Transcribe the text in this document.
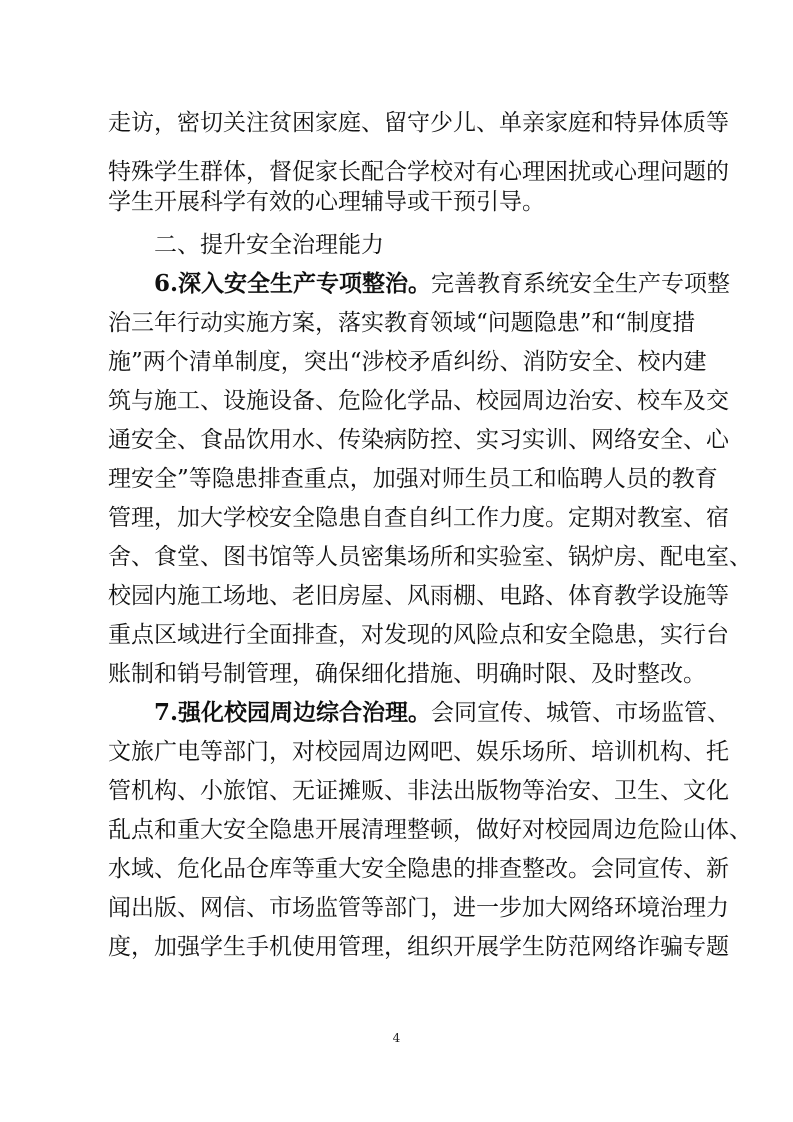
走访，密切关注贫困家庭、留守少儿、单亲家庭和特异体质等
特殊学生群体，督促家长配合学校对有心理困扰或心理问题的
学生开展科学有效的心理辅导或干预引导。
二、提升安全治理能力
6.深入安全生产专项整治。完善教育系统安全生产专项整
治三年行动实施方案，落实教育领域“问题隐患”和“制度措
施”两个清单制度，突出“涉校矛盾纠纷、消防安全、校内建
筑与施工、设施设备、危险化学品、校园周边治安、校车及交
通安全、食品饮用水、传染病防控、实习实训、网络安全、心
理安全”等隐患排查重点，加强对师生员工和临聘人员的教育
管理，加大学校安全隐患自查自纠工作力度。定期对教室、宿
舍、食堂、图书馆等人员密集场所和实验室、锅炉房、配电室、
校园内施工场地、老旧房屋、风雨棚、电路、体育教学设施等
重点区域进行全面排查，对发现的风险点和安全隐患，实行台
账制和销号制管理，确保细化措施、明确时限、及时整改。
7.强化校园周边综合治理。会同宣传、城管、市场监管、
文旅广电等部门，对校园周边网吧、娱乐场所、培训机构、托
管机构、小旅馆、无证摊贩、非法出版物等治安、卫生、文化
乱点和重大安全隐患开展清理整顿，做好对校园周边危险山体、
水域、危化品仓库等重大安全隐患的排查整改。会同宣传、新
闻出版、网信、市场监管等部门，进一步加大网络环境治理力
度，加强学生手机使用管理，组织开展学生防范网络诈骗专题
4
